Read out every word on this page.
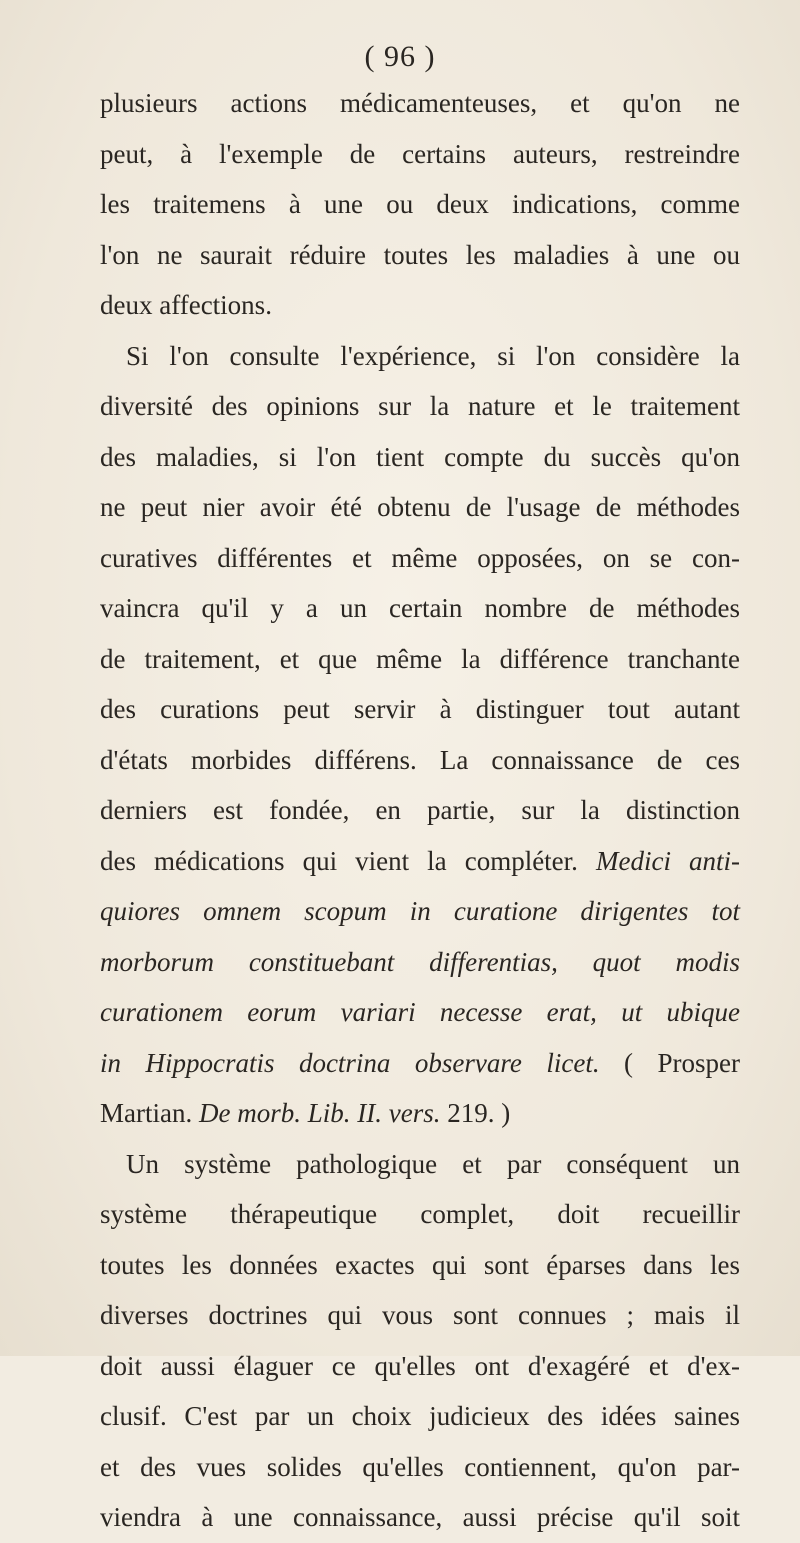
( 96 )
plusieurs actions médicamenteuses, et qu'on ne
peut, à l'exemple de certains auteurs, restreindre
les traitemens à une ou deux indications, comme
l'on ne saurait réduire toutes les maladies à une ou
deux affections.
Si l'on consulte l'expérience, si l'on considère la
diversité des opinions sur la nature et le traitement
des maladies, si l'on tient compte du succès qu'on
ne peut nier avoir été obtenu de l'usage de méthodes
curatives différentes et même opposées, on se con-
vaincra qu'il y a un certain nombre de méthodes
de traitement, et que même la différence tranchante
des curations peut servir à distinguer tout autant
d'états morbides différens. La connaissance de ces
derniers est fondée, en partie, sur la distinction
des médications qui vient la compléter. Medici anti-
quiores omnem scopum in curatione dirigentes tot
morborum constituebant differentias, quot modis
curationem eorum variari necesse erat, ut ubique
in Hippocratis doctrina observare licet. ( Prosper
Martian. De morb. Lib. II. vers. 219. )
Un système pathologique et par conséquent un
système thérapeutique complet, doit recueillir
toutes les données exactes qui sont éparses dans les
diverses doctrines qui vous sont connues ; mais il
doit aussi élaguer ce qu'elles ont d'exagéré et d'ex-
clusif. C'est par un choix judicieux des idées saines
et des vues solides qu'elles contiennent, qu'on par-
viendra à une connaissance, aussi précise qu'il soit
